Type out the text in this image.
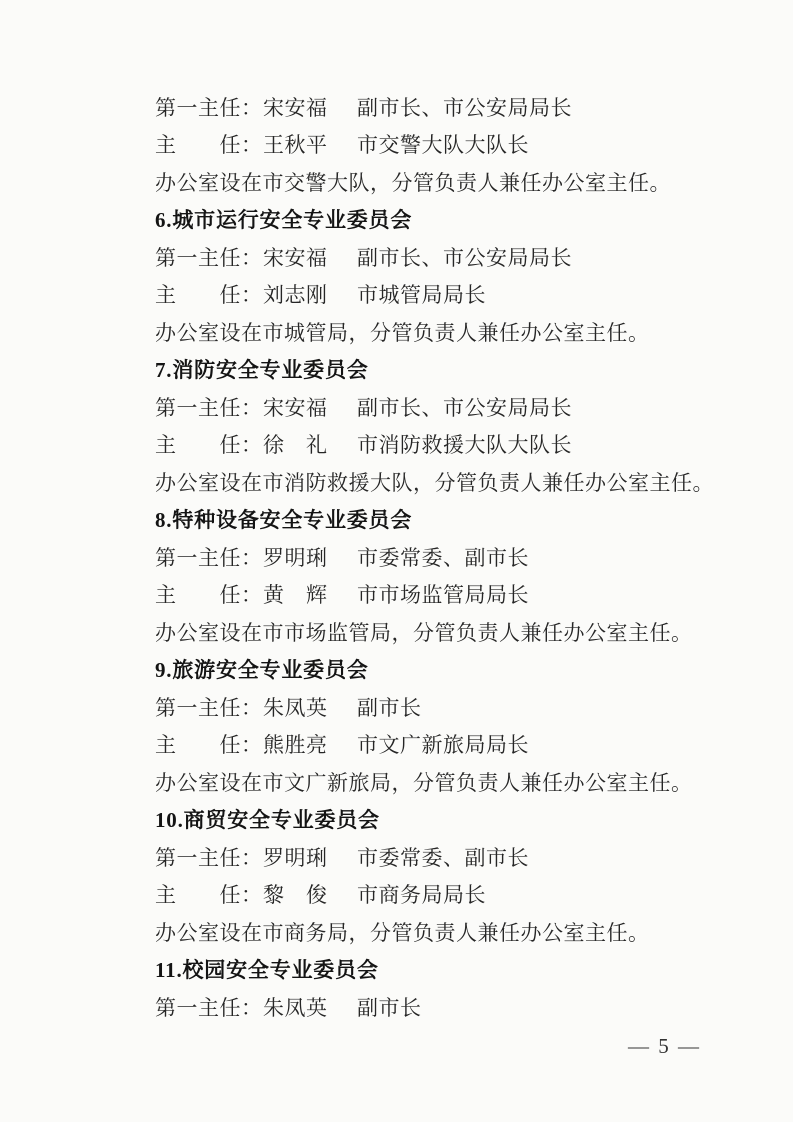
第一主任： 宋安福	副市长、市公安局局长
主　　任： 王秋平	市交警大队大队长
办公室设在市交警大队，分管负责人兼任办公室主任。
6.城市运行安全专业委员会
第一主任： 宋安福	副市长、市公安局局长
主　　任： 刘志刚	市城管局局长
办公室设在市城管局，分管负责人兼任办公室主任。
7.消防安全专业委员会
第一主任： 宋安福	副市长、市公安局局长
主　　任： 徐　礼	市消防救援大队大队长
办公室设在市消防救援大队，分管负责人兼任办公室主任。
8.特种设备安全专业委员会
第一主任： 罗明琍	市委常委、副市长
主　　任： 黄　辉	市市场监管局局长
办公室设在市市场监管局，分管负责人兼任办公室主任。
9.旅游安全专业委员会
第一主任： 朱凤英	副市长
主　　任： 熊胜亮	市文广新旅局局长
办公室设在市文广新旅局，分管负责人兼任办公室主任。
10.商贸安全专业委员会
第一主任： 罗明琍	市委常委、副市长
主　　任： 黎　俊	市商务局局长
办公室设在市商务局，分管负责人兼任办公室主任。
11.校园安全专业委员会
第一主任： 朱凤英	副市长
— 5 —
